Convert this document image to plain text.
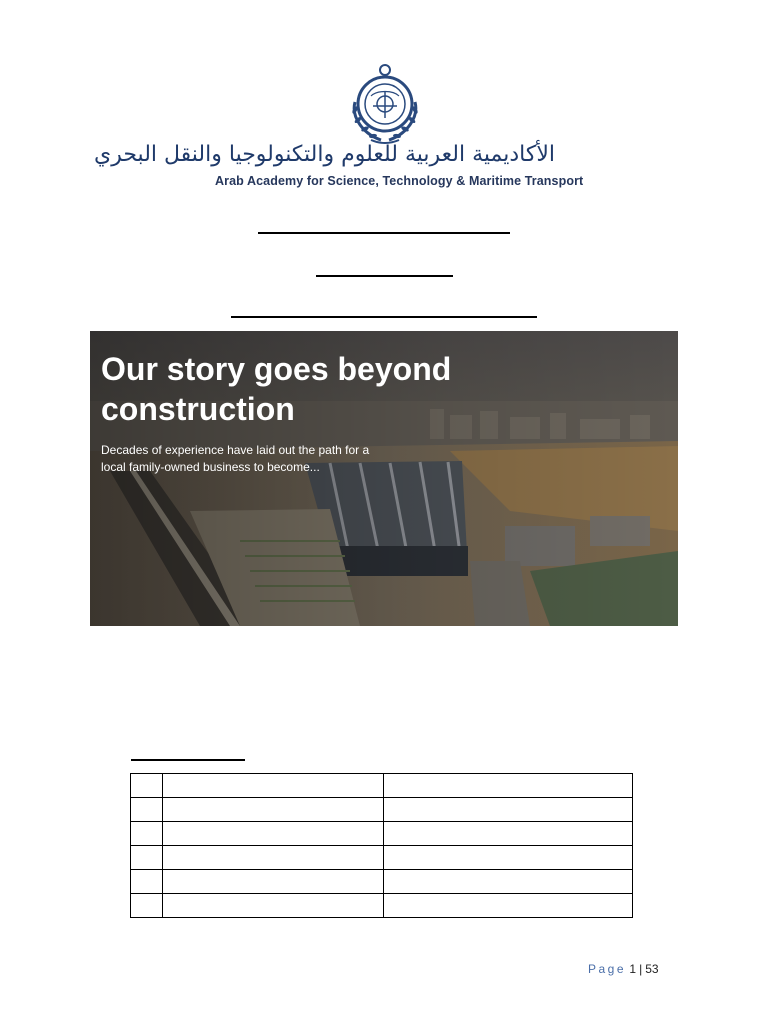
الأكاديمية العربية للعلوم والتكنولوجيا والنقل البحري
Arab Academy for Science, Technology & Maritime Transport
Our story goes beyond construction
Decades of experience have laid out the path for a local family-owned business to become...

Page 1 | 53
